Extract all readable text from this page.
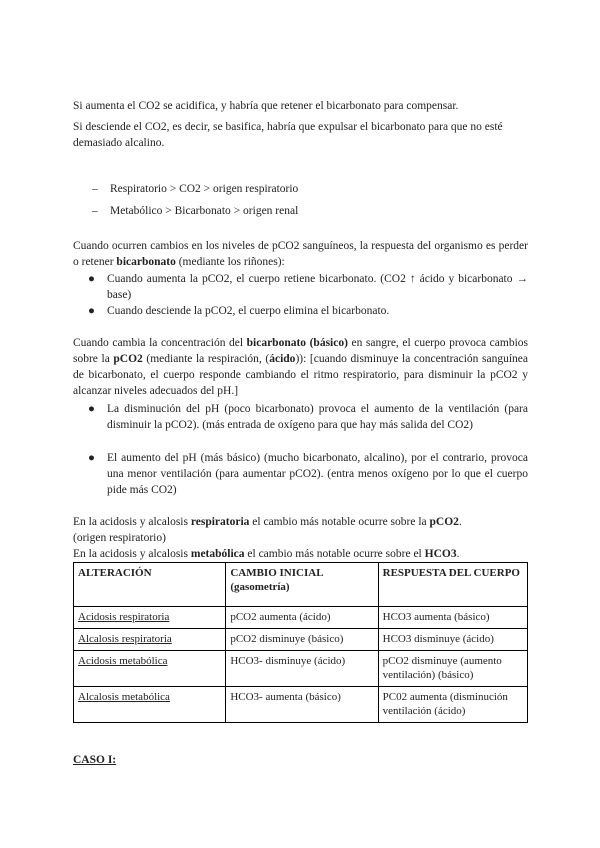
Si aumenta el CO2 se acidifica, y habría que retener el bicarbonato para compensar.

Si desciende el CO2, es decir, se basifica, habría que expulsar el bicarbonato para que no esté demasiado alcalino.

– Respiratorio > CO2 > origen respiratorio
– Metabólico > Bicarbonato > origen renal

Cuando ocurren cambios en los niveles de pCO2 sanguíneos, la respuesta del organismo es perder o retener bicarbonato (mediante los riñones):

● Cuando aumenta la pCO2, el cuerpo retiene bicarbonato. (CO2 ↑ ácido y bicarbonato → base)
● Cuando desciende la pCO2, el cuerpo elimina el bicarbonato.

Cuando cambia la concentración del bicarbonato (básico) en sangre, el cuerpo provoca cambios sobre la pCO2 (mediante la respiración, (ácido)): [cuando disminuye la concentración sanguínea de bicarbonato, el cuerpo responde cambiando el ritmo respiratorio, para disminuir la pCO2 y alcanzar niveles adecuados del pH.]

● La disminución del pH (poco bicarbonato) provoca el aumento de la ventilación (para disminuir la pCO2). (más entrada de oxígeno para que hay más salida del CO2)
● El aumento del pH (más básico) (mucho bicarbonato, alcalino), por el contrario, provoca una menor ventilación (para aumentar pCO2). (entra menos oxígeno por lo que el cuerpo pide más CO2)

En la acidosis y alcalosis respiratoria el cambio más notable ocurre sobre la pCO2.

(origen respiratorio)

En la acidosis y alcalosis metabólica el cambio más notable ocurre sobre el HCO3.

ALTERACIÓN	CAMBIO INICIAL (gasometría)	RESPUESTA DEL CUERPO
Acidosis respiratoria	pCO2 aumenta (ácido)	HCO3 aumenta (básico)
Alcalosis respiratoria	pCO2 disminuye (básico)	HCO3 disminuye (ácido)
Acidosis metabólica	HCO3- disminuye (ácido)	pCO2 disminuye (aumento ventilación) (básico)
Alcalosis metabólica	HCO3- aumenta (básico)	PC02 aumenta (disminución ventilación (ácido)

CASO I:
